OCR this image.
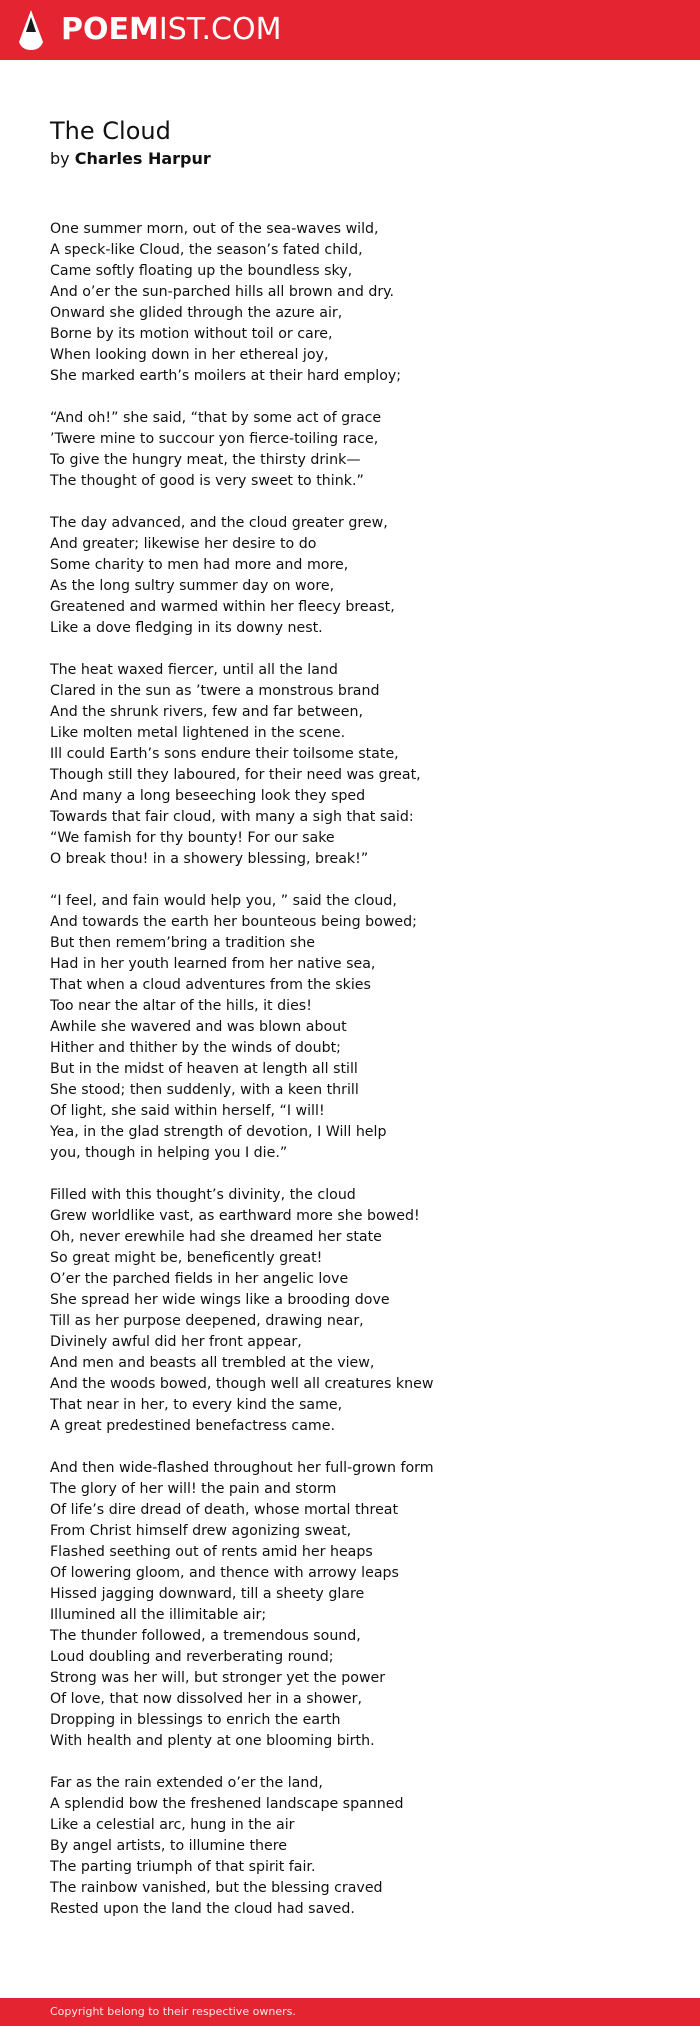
POEMIST.COM
The Cloud
by Charles Harpur
One summer morn, out of the sea-waves wild,
A speck-like Cloud, the season’s fated child,
Came softly floating up the boundless sky,
And o’er the sun-parched hills all brown and dry.
Onward she glided through the azure air,
Borne by its motion without toil or care,
When looking down in her ethereal joy,
She marked earth’s moilers at their hard employ;
“And oh!” she said, “that by some act of grace
’Twere mine to succour yon fierce-toiling race,
To give the hungry meat, the thirsty drink—
The thought of good is very sweet to think.”
The day advanced, and the cloud greater grew,
And greater; likewise her desire to do
Some charity to men had more and more,
As the long sultry summer day on wore,
Greatened and warmed within her fleecy breast,
Like a dove fledging in its downy nest.
The heat waxed fiercer, until all the land
Clared in the sun as ’twere a monstrous brand
And the shrunk rivers, few and far between,
Like molten metal lightened in the scene.
Ill could Earth’s sons endure their toilsome state,
Though still they laboured, for their need was great,
And many a long beseeching look they sped
Towards that fair cloud, with many a sigh that said:
“We famish for thy bounty! For our sake
O break thou! in a showery blessing, break!”
“I feel, and fain would help you, ” said the cloud,
And towards the earth her bounteous being bowed;
But then remem’bring a tradition she
Had in her youth learned from her native sea,
That when a cloud adventures from the skies
Too near the altar of the hills, it dies!
Awhile she wavered and was blown about
Hither and thither by the winds of doubt;
But in the midst of heaven at length all still
She stood; then suddenly, with a keen thrill
Of light, she said within herself, “I will!
Yea, in the glad strength of devotion, I Will help
you, though in helping you I die.”
Filled with this thought’s divinity, the cloud
Grew worldlike vast, as earthward more she bowed!
Oh, never erewhile had she dreamed her state
So great might be, beneficently great!
O’er the parched fields in her angelic love
She spread her wide wings like a brooding dove
Till as her purpose deepened, drawing near,
Divinely awful did her front appear,
And men and beasts all trembled at the view,
And the woods bowed, though well all creatures knew
That near in her, to every kind the same,
A great predestined benefactress came.
And then wide-flashed throughout her full-grown form
The glory of her will! the pain and storm
Of life’s dire dread of death, whose mortal threat
From Christ himself drew agonizing sweat,
Flashed seething out of rents amid her heaps
Of lowering gloom, and thence with arrowy leaps
Hissed jagging downward, till a sheety glare
Illumined all the illimitable air;
The thunder followed, a tremendous sound,
Loud doubling and reverberating round;
Strong was her will, but stronger yet the power
Of love, that now dissolved her in a shower,
Dropping in blessings to enrich the earth
With health and plenty at one blooming birth.
Far as the rain extended o’er the land,
A splendid bow the freshened landscape spanned
Like a celestial arc, hung in the air
By angel artists, to illumine there
The parting triumph of that spirit fair.
The rainbow vanished, but the blessing craved
Rested upon the land the cloud had saved.
Copyright belong to their respective owners.
